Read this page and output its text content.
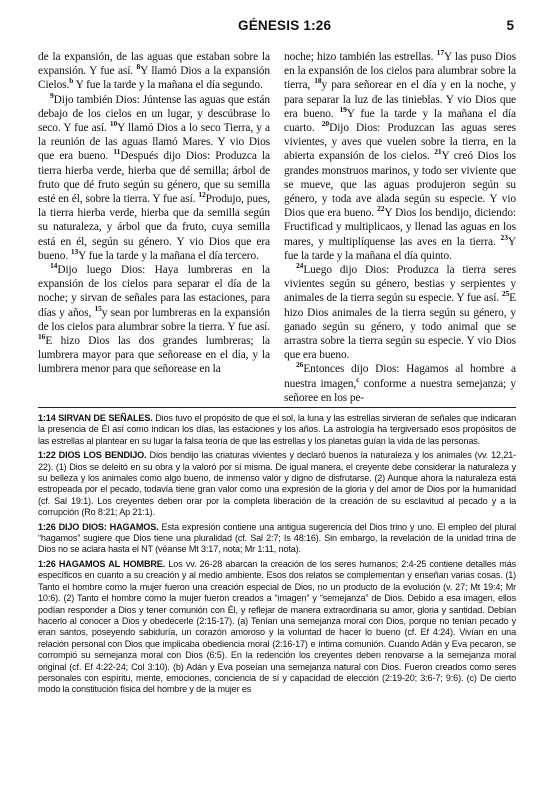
GÉNESIS 1:26	5

de la expansión, de las aguas que estaban sobre la expansión. Y fue así. $^8$Y llamó Dios a la expansión Cielos.$^b$ Y fue la tarde y la mañana el día segundo.

$^9$Dijo también Dios: Júntense las aguas que están debajo de los cielos en un lugar, y descúbrase lo seco. Y fue así. $^{10}$Y llamó Dios a lo seco Tierra, y a la reunión de las aguas llamó Mares. Y vio Dios que era bueno. $^{11}$Después dijo Dios: Produzca la tierra hierba verde, hierba que dé semilla; árbol de fruto que dé fruto según su género, que su semilla esté en él, sobre la tierra. Y fue así. $^{12}$Produjo, pues, la tierra hierba verde, hierba que da semilla según su naturaleza, y árbol que da fruto, cuya semilla está en él, según su género. Y vio Dios que era bueno. $^{13}$Y fue la tarde y la mañana el día tercero.

$^{14}$Dijo luego Dios: Haya lumbreras en la expansión de los cielos para separar el día de la noche; y sirvan de señales para las estaciones, para días y años, $^{15}$y sean por lumbreras en la expansión de los cielos para alumbrar sobre la tierra. Y fue así. $^{16}$E hizo Dios las dos grandes lumbreras; la lumbrera mayor para que señorease en el día, y la lumbrera menor para que señorease en la

noche; hizo también las estrellas. $^{17}$Y las puso Dios en la expansión de los cielos para alumbrar sobre la tierra, $^{18}$y para señorear en el día y en la noche, y para separar la luz de las tinieblas. Y vio Dios que era bueno. $^{19}$Y fue la tarde y la mañana el día cuarto. $^{20}$Dijo Dios: Produzcan las aguas seres vivientes, y aves que vuelen sobre la tierra, en la abierta expansión de los cielos. $^{21}$Y creó Dios los grandes monstruos marinos, y todo ser viviente que se mueve, que las aguas produjeron según su género, y toda ave alada según su especie. Y vio Dios que era bueno. $^{22}$Y Dios los bendijo, diciendo: Fructificad y multiplicaos, y llenad las aguas en los mares, y multiplíquense las aves en la tierra. $^{23}$Y fue la tarde y la mañana el día quinto.

$^{24}$Luego dijo Dios: Produzca la tierra seres vivientes según su género, bestias y serpientes y animales de la tierra según su especie. Y fue así. $^{25}$E hizo Dios animales de la tierra según su género, y ganado según su género, y todo animal que se arrastra sobre la tierra según su especie. Y vio Dios que era bueno.

$^{26}$Entonces dijo Dios: Hagamos al hombre a nuestra imagen,$^c$ conforme a nuestra semejanza; y señoree en los pe-

1:14 SIRVAN DE SEÑALES. Dios tuvo el propósito de que el sol, la luna y las estrellas sirvieran de señales que indicaran la presencia de Él así como indican los días, las estaciones y los años. La astrología ha tergiversado esos propósitos de las estrellas al plantear en su lugar la falsa teoría de que las estrellas y los planetas guían la vida de las personas.

1:22 DIOS LOS BENDIJO. Dios bendijo las criaturas vivientes y declaró buenos la naturaleza y los animales (vv. 12,21-22). (1) Dios se deleitó en su obra y la valoró por sí misma. De igual manera, el creyente debe considerar la naturaleza y su belleza y los animales como algo bueno, de inmenso valor y digno de disfrutarse. (2) Aunque ahora la naturaleza está estropeada por el pecado, todavía tiene gran valor como una expresión de la gloria y del amor de Dios por la humanidad (cf. Sal 19:1). Los creyentes deben orar por la completa liberación de la creación de su esclavitud al pecado y a la corrupción (Ro 8:21; Ap 21:1).

1:26 DIJO DIOS: HAGAMOS. Esta expresión contiene una antigua sugerencia del Dios trino y uno. El empleo del plural “hagamos” sugiere que Dios tiene una pluralidad (cf. Sal 2:7; Is 48:16). Sin embargo, la revelación de la unidad trina de Dios no se aclara hasta el NT (véanse Mt 3:17, nota; Mr 1:11, nota).

1:26 HAGAMOS AL HOMBRE. Los vv. 26-28 abarcan la creación de los seres humanos; 2:4-25 contiene detalles más específicos en cuanto a su creación y al medio ambiente. Esos dos relatos se complementan y enseñan varias cosas. (1) Tanto el hombre como la mujer fueron una creación especial de Dios, no un producto de la evolución (v. 27; Mt 19:4; Mr 10:6). (2) Tanto el hombre como la mujer fueron creados a “imagen” y “semejanza” de Dios. Debido a esa imagen, ellos podían responder a Dios y tener comunión con Él, y reflejar de manera extraordinaria su amor, gloria y santidad. Debían hacerlo al conocer a Dios y obedecerle (2:15-17). (a) Tenían una semejanza moral con Dios, porque no tenían pecado y eran santos, poseyendo sabiduría, un corazón amoroso y la voluntad de hacer lo bueno (cf. Ef 4:24). Vivían en una relación personal con Dios que implicaba obediencia moral (2:16-17) e íntima comunión. Cuando Adán y Eva pecaron, se corrompió su semejanza moral con Dios (6:5). En la redención los creyentes deben renovarse a la semejanza moral original (cf. Ef 4:22-24; Col 3:10). (b) Adán y Eva poseían una semejanza natural con Dios. Fueron creados como seres personales con espíritu, mente, emociones, conciencia de sí y capacidad de elección (2:19-20; 3:6-7; 9:6). (c) De cierto modo la constitución física del hombre y de la mujer es
